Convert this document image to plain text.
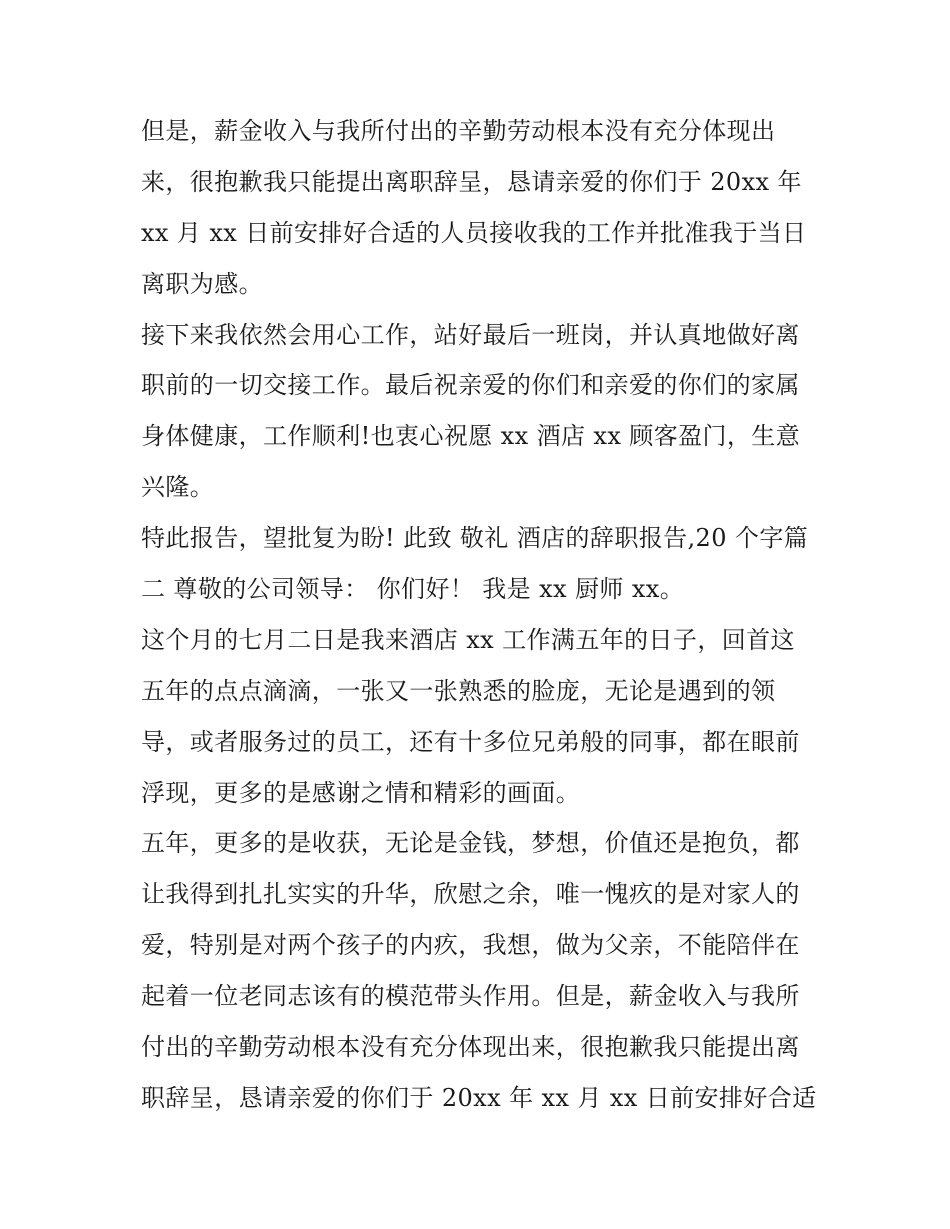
但是，薪金收入与我所付出的辛勤劳动根本没有充分体现出
来，很抱歉我只能提出离职辞呈，恳请亲爱的你们于 20xx 年
xx 月 xx 日前安排好合适的人员接收我的工作并批准我于当日
离职为感。
接下来我依然会用心工作，站好最后一班岗，并认真地做好离
职前的一切交接工作。最后祝亲爱的你们和亲爱的你们的家属
身体健康，工作顺利!也衷心祝愿 xx 酒店 xx 顾客盈门，生意
兴隆。
特此报告，望批复为盼! 此致 敬礼 酒店的辞职报告,20 个字篇
二 尊敬的公司领导： 你们好！ 我是 xx 厨师 xx。
这个月的七月二日是我来酒店 xx 工作满五年的日子，回首这
五年的点点滴滴，一张又一张熟悉的脸庞，无论是遇到的领
导，或者服务过的员工，还有十多位兄弟般的同事，都在眼前
浮现，更多的是感谢之情和精彩的画面。
五年，更多的是收获，无论是金钱，梦想，价值还是抱负，都
让我得到扎扎实实的升华，欣慰之余，唯一愧疚的是对家人的
爱，特别是对两个孩子的内疚，我想，做为父亲，不能陪伴在
起着一位老同志该有的模范带头作用。但是，薪金收入与我所
付出的辛勤劳动根本没有充分体现出来，很抱歉我只能提出离
职辞呈，恳请亲爱的你们于 20xx 年 xx 月 xx 日前安排好合适
